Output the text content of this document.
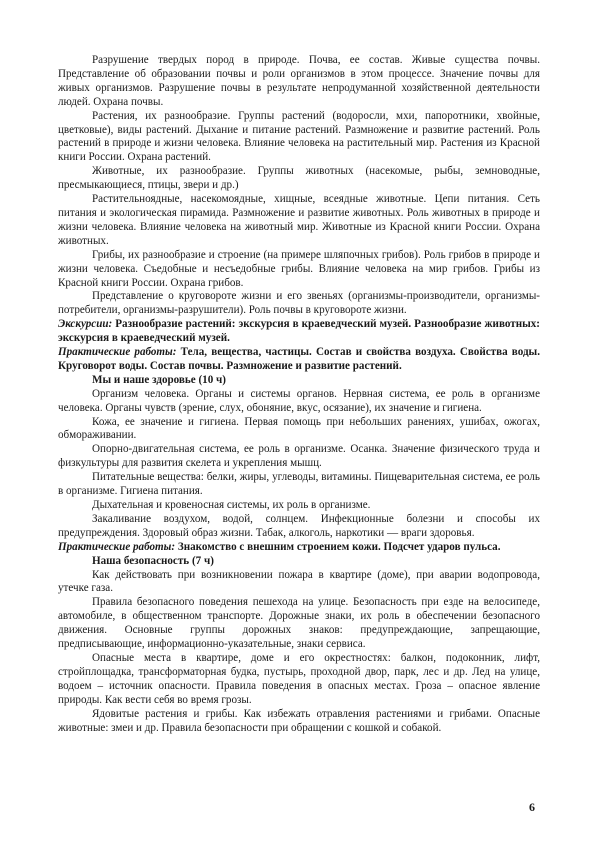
Разрушение твердых пород в природе. Почва, ее состав. Живые существа почвы. Представление об образовании почвы и роли организмов в этом процессе. Значение почвы для живых организмов. Разрушение почвы в результате непродуманной хозяйственной деятельности людей. Охрана почвы.

Растения, их разнообразие. Группы растений (водоросли, мхи, папоротники, хвойные, цветковые), виды растений. Дыхание и питание растений. Размножение и развитие растений. Роль растений в природе и жизни человека. Влияние человека на растительный мир. Растения из Красной книги России. Охрана растений.

Животные, их разнообразие. Группы животных (насекомые, рыбы, земноводные, пресмыкающиеся, птицы, звери и др.)

Растительноядные, насекомоядные, хищные, всеядные животные. Цепи питания. Сеть питания и экологическая пирамида. Размножение и развитие животных. Роль животных в природе и жизни человека. Влияние человека на животный мир. Животные из Красной книги России. Охрана животных.

Грибы, их разнообразие и строение (на примере шляпочных грибов). Роль грибов в природе и жизни человека. Съедобные и несъедобные грибы. Влияние человека на мир грибов. Грибы из Красной книги России. Охрана грибов.

Представление о круговороте жизни и его звеньях (организмы-производители, организмы-потребители, организмы-разрушители). Роль почвы в круговороте жизни.

Экскурсии: Разнообразие растений: экскурсия в краеведческий музей. Разнообразие животных: экскурсия в краеведческий музей.

Практические работы: Тела, вещества, частицы. Состав и свойства воздуха. Свойства воды. Круговорот воды. Состав почвы. Размножение и развитие растений.

Мы и наше здоровье (10 ч)

Организм человека. Органы и системы органов. Нервная система, ее роль в организме человека. Органы чувств (зрение, слух, обоняние, вкус, осязание), их значение и гигиена.

Кожа, ее значение и гигиена. Первая помощь при небольших ранениях, ушибах, ожогах, обмораживании.

Опорно-двигательная система, ее роль в организме. Осанка. Значение физического труда и физкультуры для развития скелета и укрепления мышц.

Питательные вещества: белки, жиры, углеводы, витамины. Пищеварительная система, ее роль в организме. Гигиена питания.

Дыхательная и кровеносная системы, их роль в организме.

Закаливание воздухом, водой, солнцем. Инфекционные болезни и способы их предупреждения. Здоровый образ жизни. Табак, алкоголь, наркотики — враги здоровья.

Практические работы: Знакомство с внешним строением кожи. Подсчет ударов пульса.

Наша безопасность (7 ч)

Как действовать при возникновении пожара в квартире (доме), при аварии водопровода, утечке газа.

Правила безопасного поведения пешехода на улице. Безопасность при езде на велосипеде, автомобиле, в общественном транспорте. Дорожные знаки, их роль в обеспечении безопасного движения. Основные группы дорожных знаков: предупреждающие, запрещающие, предписывающие, информационно-указательные, знаки сервиса.

Опасные места в квартире, доме и его окрестностях: балкон, подоконник, лифт, стройплощадка, трансформаторная будка, пустырь, проходной двор, парк, лес и др. Лед на улице, водоем – источник опасности. Правила поведения в опасных местах. Гроза – опасное явление природы. Как вести себя во время грозы.

Ядовитые растения и грибы. Как избежать отравления растениями и грибами. Опасные животные: змеи и др. Правила безопасности при обращении с кошкой и собакой.

6
